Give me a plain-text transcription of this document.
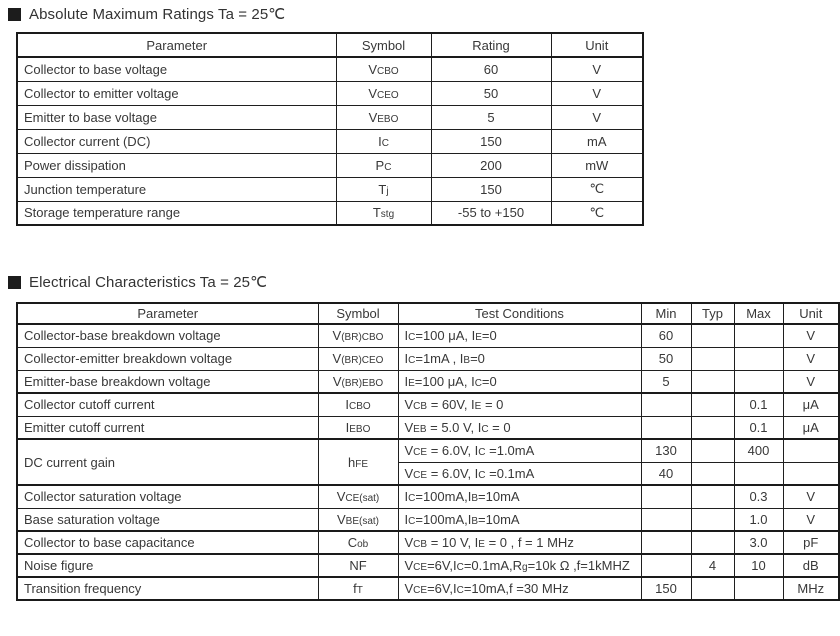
Absolute Maximum Ratings Ta = 25℃
Parameter	Symbol	Rating	Unit
Collector to base voltage	VCBO	60	V
Collector to emitter voltage	VCEO	50	V
Emitter to base voltage	VEBO	5	V
Collector current (DC)	IC	150	mA
Power dissipation	PC	200	mW
Junction temperature	Tj	150	℃
Storage temperature range	Tstg	-55 to +150	℃
Electrical Characteristics Ta = 25℃
Parameter	Symbol	Test Conditions	Min	Typ	Max	Unit
Collector-base breakdown voltage	V(BR)CBO	IC=100 μA, IE=0	60			V
Collector-emitter breakdown voltage	V(BR)CEO	IC=1mA , IB=0	50			V
Emitter-base breakdown voltage	V(BR)EBO	IE=100 μA, IC=0	5			V
Collector cutoff current	ICBO	VCB = 60V, IE = 0			0.1	μA
Emitter cutoff current	IEBO	VEB = 5.0 V, IC = 0			0.1	μA
DC current gain	hFE	VCE = 6.0V, IC =1.0mA	130		400	
		VCE = 6.0V, IC =0.1mA	40			
Collector saturation voltage	VCE(sat)	IC=100mA,IB=10mA			0.3	V
Base saturation voltage	VBE(sat)	IC=100mA,IB=10mA			1.0	V
Collector to base capacitance	Cob	VCB = 10 V, IE = 0 , f = 1 MHz			3.0	pF
Noise figure	NF	VCE=6V,IC=0.1mA,Rg=10k Ω ,f=1kMHZ		4	10	dB
Transition frequency	fT	VCE=6V,IC=10mA,f =30 MHz	150			MHz
